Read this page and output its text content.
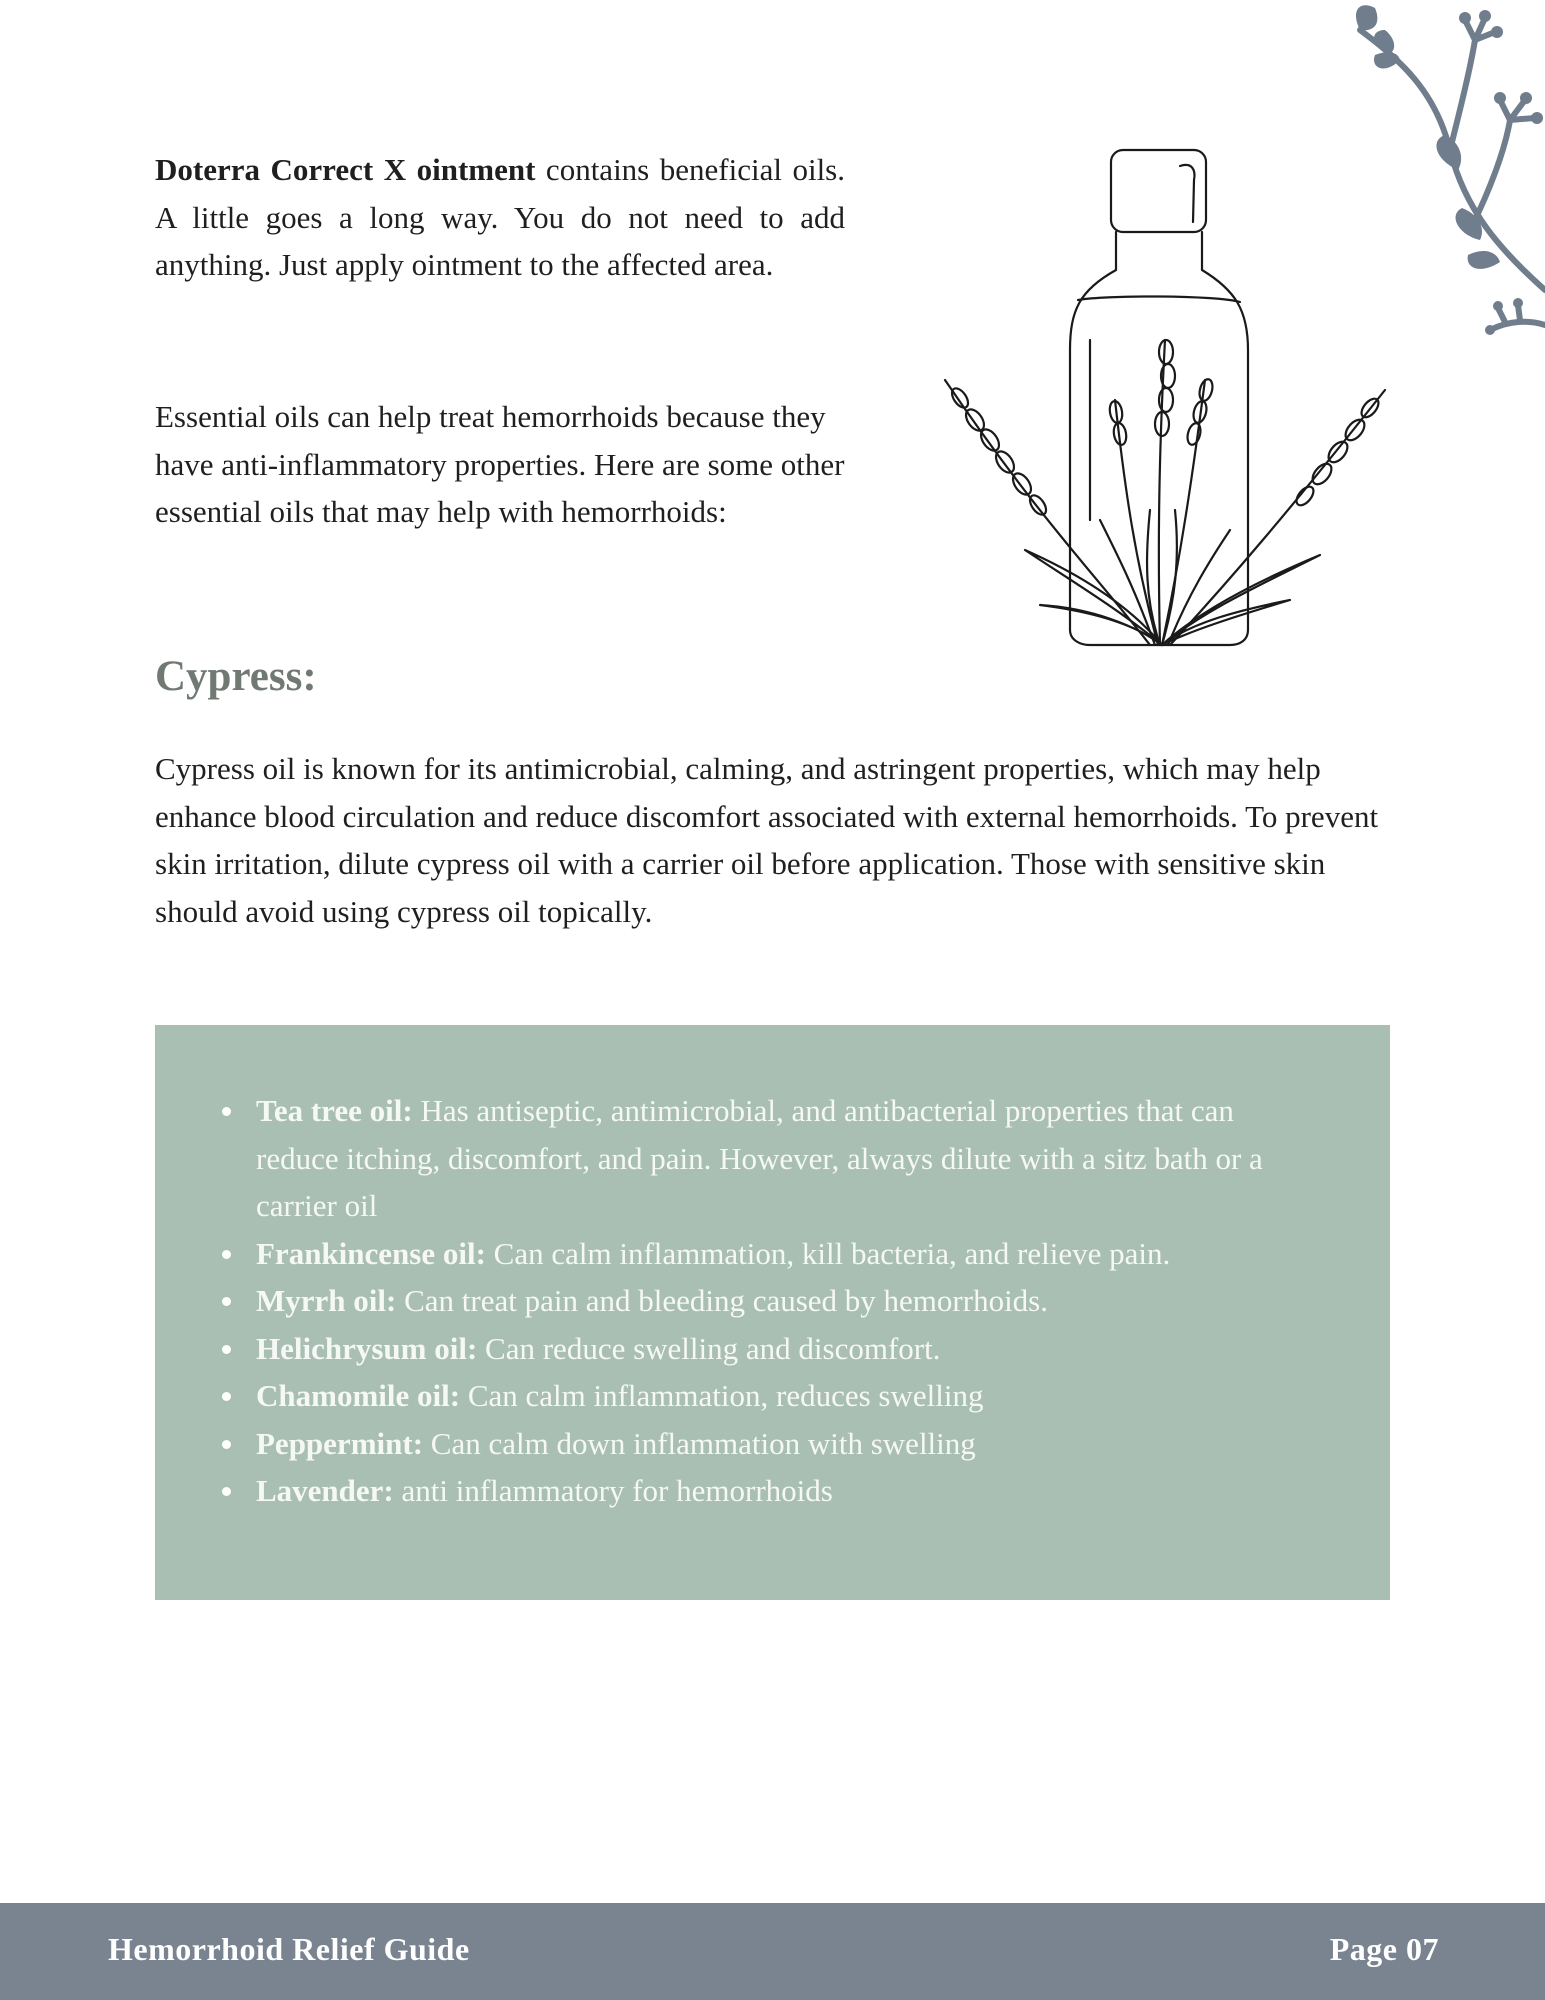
Doterra Correct X ointment contains beneficial oils. A little goes a long way. You do not need to add anything. Just apply ointment to the affected area.

Essential oils can help treat hemorrhoids because they have anti-inflammatory properties. Here are some other essential oils that may help with hemorrhoids:

Cypress:

Cypress oil is known for its antimicrobial, calming, and astringent properties, which may help enhance blood circulation and reduce discomfort associated with external hemorrhoids. To prevent skin irritation, dilute cypress oil with a carrier oil before application. Those with sensitive skin should avoid using cypress oil topically.

Tea tree oil: Has antiseptic, antimicrobial, and antibacterial properties that can reduce itching, discomfort, and pain. However, always dilute with a sitz bath or a carrier oil
Frankincense oil: Can calm inflammation, kill bacteria, and relieve pain.
Myrrh oil: Can treat pain and bleeding caused by hemorrhoids.
Helichrysum oil: Can reduce swelling and discomfort.
Chamomile oil: Can calm inflammation, reduces swelling
Peppermint: Can calm down inflammation with swelling
Lavender: anti inflammatory for hemorrhoids
Hemorrhoid Relief Guide	Page 07
